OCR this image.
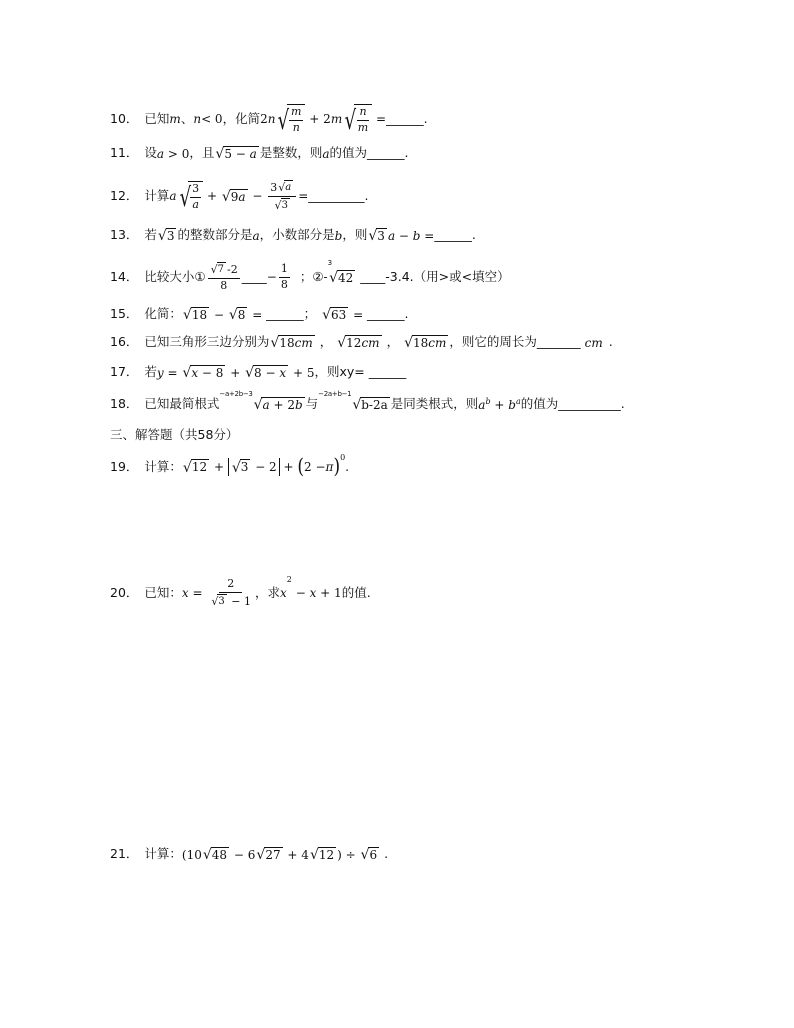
10． 已知 m 、 n < 0 ，化简 2 n √ $\frac{m}{n} + 2$ m √ $\frac{n}{m}$ = ______ .
11． 设 a > 0 ，且 √ 5 − a 是整数，则 a 的值为 ______ .
12． 计算 a √ $\frac{3}{a}$ + √ $9a - \frac{3 √ a}{√ 3}$ = _________ .
13． 若 √ 3 的整数部分是 a ，小数部分是 b ，则 √ 3 a − b = ______ .
14． 比较大小 ① $\frac{√ 7 -2}{8}$ ____ − $\frac{1}{8}$ ； ② -
3
√ 42 ____ -3.4.（用>或<填空）
15． 化简： √ 18 − √ 8 = ______ ； √ 63 = ______ .
16． 已知三角形三边分别为 √ 18cm ， √ 12cm ， √ 18cm ，则它的周长为 _______ cm .
17． 若 y = √ x − 8 + √ 8 − x + 5 ，则xy= ______
18． 已知最简根式
−a+2b−3
√ a + 2b 与
−2a+b−1
√ b-2a 是同类根式，则 $a^b + b^a$ 的值为 __________ .
三、解答题（共58分）
19． 计算： √ 12 + √ 3 − 2 + ( 2 − π ) 0
.
20． 已知： $x = \frac{2}{√ 3 - 1}$ ，求 x
2
− x + 1 的值.
21． 计算： (10 √ 48 − 6 √ 27 + 4 √ 12 ) ÷ √ 6 .
